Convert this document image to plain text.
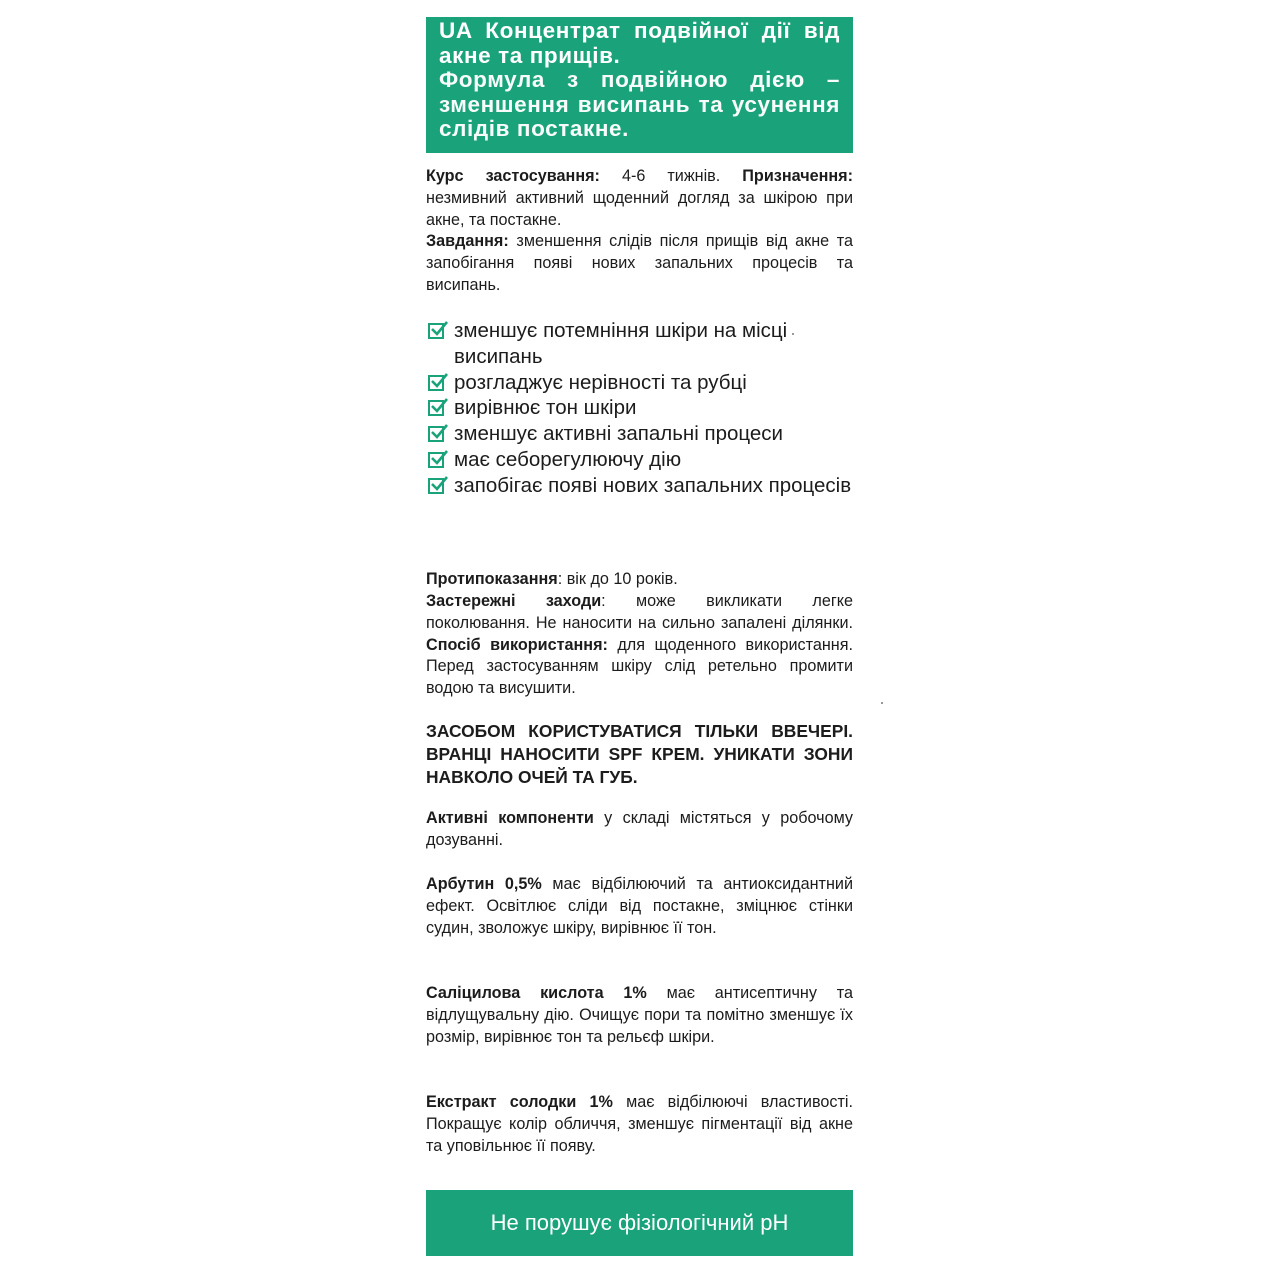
UA Концентрат подвійної дії від акне та прищів.
Формула з подвійною дією – зменшення висипань та усунення слідів постакне.
Курс застосування: 4-6 тижнів. Призначення: незмивний активний щоденний догляд за шкірою при акне, та постакне.
Завдання: зменшення слідів після прищів від акне та запобігання появі нових запальних процесів та висипань.
зменшує потемніння шкіри на місці висипань
розгладжує нерівності та рубці
вирівнює тон шкіри
зменшує активні запальні процеси
має себорегулюючу дію
запобігає появі нових запальних процесів
Протипоказання: вік до 10 років.
Застережні заходи: може викликати легке поколювання. Не наносити на сильно запалені ділянки. Спосіб використання: для щоденного використання. Перед застосуванням шкіру слід ретельно промити водою та висушити.
ЗАСОБОМ КОРИСТУВАТИСЯ ТІЛЬКИ ВВЕЧЕРІ. ВРАНЦІ НАНОСИТИ SPF КРЕМ. УНИКАТИ ЗОНИ НАВКОЛО ОЧЕЙ ТА ГУБ.
Активні компоненти у складі містяться у робочому дозуванні.
Арбутин 0,5% має відбілюючий та антиоксидантний ефект. Освітлює сліди від постакне, зміцнює стінки судин, зволожує шкіру, вирівнює її тон.
Саліцилова кислота 1% має антисептичну та відлущувальну дію. Очищує пори та помітно зменшує їх розмір, вирівнює тон та рельєф шкіри.
Екстракт солодки 1% має відбілюючі властивості. Покращує колір обличчя, зменшує пігментації від акне та уповільнює її появу.
Не порушує фізіологічний pH
